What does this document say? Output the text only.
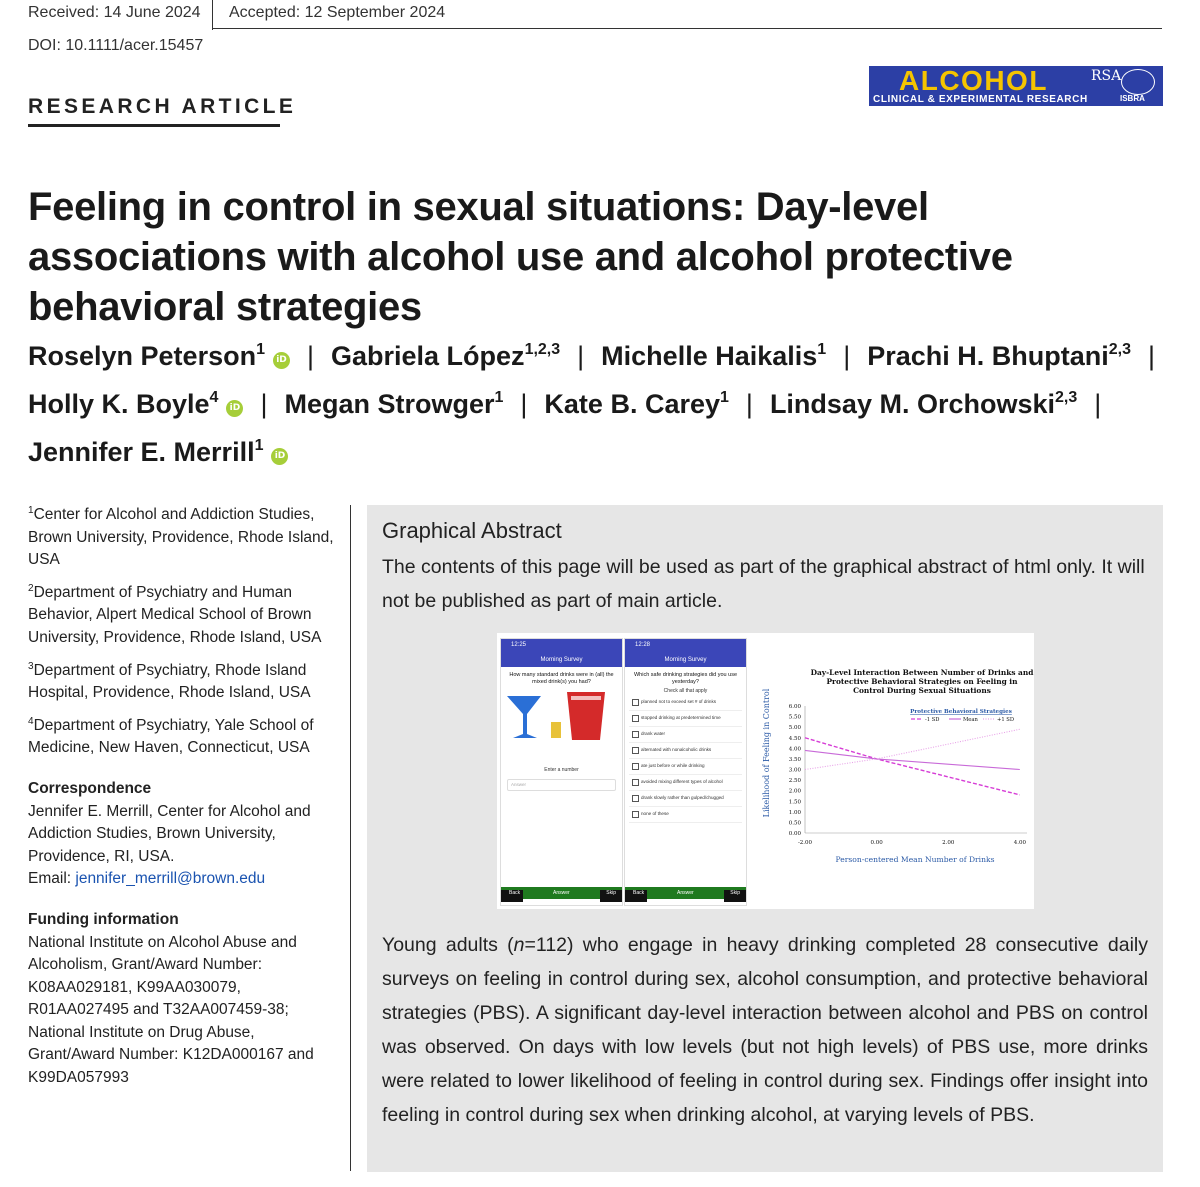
Received: 14 June 2024 Accepted: 12 September 2024
DOI: 10.1111/acer.15457
RESEARCH ARTICLE
ALCOHOL
CLINICAL & EXPERIMENTAL RESEARCH
RSA
ISBRA
Feeling in control in sexual situations: Day-level associations with alcohol use and alcohol protective behavioral strategies
Roselyn Peterson$^1$iD | Gabriela López$^{1,2,3}$ | Michelle Haikalis$^1$ | Prachi H. Bhuptani$^{2,3}$ | Holly K. Boyle$^4$iD | Megan Strowger$^1$ | Kate B. Carey$^1$ | Lindsay M. Orchowski$^{2,3}$ | Jennifer E. Merrill$^1$iD
$^1$Center for Alcohol and Addiction Studies, Brown University, Providence, Rhode Island, USA
$^2$Department of Psychiatry and Human Behavior, Alpert Medical School of Brown University, Providence, Rhode Island, USA
$^3$Department of Psychiatry, Rhode Island Hospital, Providence, Rhode Island, USA
$^4$Department of Psychiatry, Yale School of Medicine, New Haven, Connecticut, USA
Correspondence
Jennifer E. Merrill, Center for Alcohol and Addiction Studies, Brown University, Providence, RI, USA.
Email: jennifer_merrill@brown.edu
Funding information
National Institute on Alcohol Abuse and Alcoholism, Grant/Award Number: K08AA029181, K99AA030079, R01AA027495 and T32AA007459-38; National Institute on Drug Abuse, Grant/Award Number: K12DA000167 and K99DA057993
Graphical Abstract
The contents of this page will be used as part of the graphical abstract of html only. It will not be published as part of main article.
12:25
Morning Survey
How many standard drinks were in (all) the mixed drink(s) you had?
Enter a number
Answer
Back	Answer	Skip
12:28
Morning Survey
Which safe drinking strategies did you use yesterday?
Check all that apply
planned not to exceed set # of drinks
stopped drinking at predetermined time
drank water
alternated with nonalcoholic drinks
ate just before or while drinking
avoided mixing different types of alcohol
drank slowly rather than gulped/chugged
none of these
Back	Answer	Skip
Day-Level Interaction Between Number of Drinks and
Protective Behavioral Strategies on Feeling in
Control During Sexual Situations
0.00
0.50
1.00
1.50
2.00
2.50
3.00
3.50
4.00
4.50
5.00
5.50
6.00
-2.00	0.00	2.00	4.00
Person-centered Mean Number of Drinks
Likelihood of Feeling in Control	Protective Behavioral Strategies
-1 SD	Mean	+1 SD
Young adults (n=112) who engage in heavy drinking completed 28 consecutive daily surveys on feeling in control during sex, alcohol consumption, and protective behavioral strategies (PBS). A significant day-level interaction between alcohol and PBS on control was observed. On days with low levels (but not high levels) of PBS use, more drinks were related to lower likelihood of feeling in control during sex. Findings offer insight into feeling in control during sex when drinking alcohol, at varying levels of PBS.
